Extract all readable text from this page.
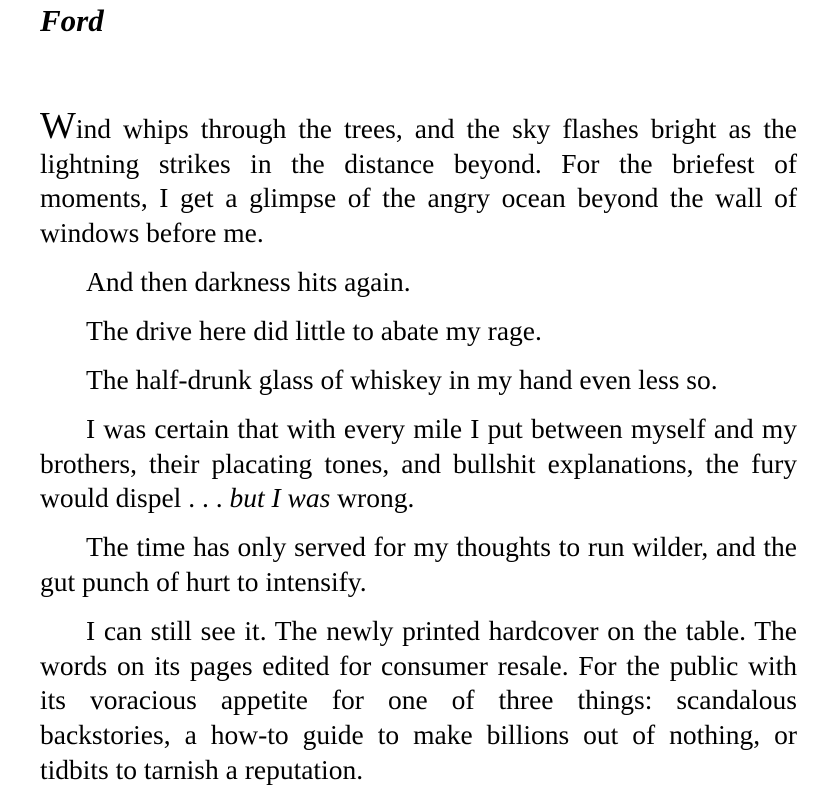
Ford

Wind whips through the trees, and the sky flashes bright as the lightning strikes in the distance beyond. For the briefest of moments, I get a glimpse of the angry ocean beyond the wall of windows before me.

And then darkness hits again.

The drive here did little to abate my rage.

The half-drunk glass of whiskey in my hand even less so.

I was certain that with every mile I put between myself and my brothers, their placating tones, and bullshit explanations, the fury would dispel . . . but I was wrong.

The time has only served for my thoughts to run wilder, and the gut punch of hurt to intensify.

I can still see it. The newly printed hardcover on the table. The words on its pages edited for consumer resale. For the public with its voracious appetite for one of three things: scandalous backstories, a how-to guide to make billions out of nothing, or tidbits to tarnish a reputation.
